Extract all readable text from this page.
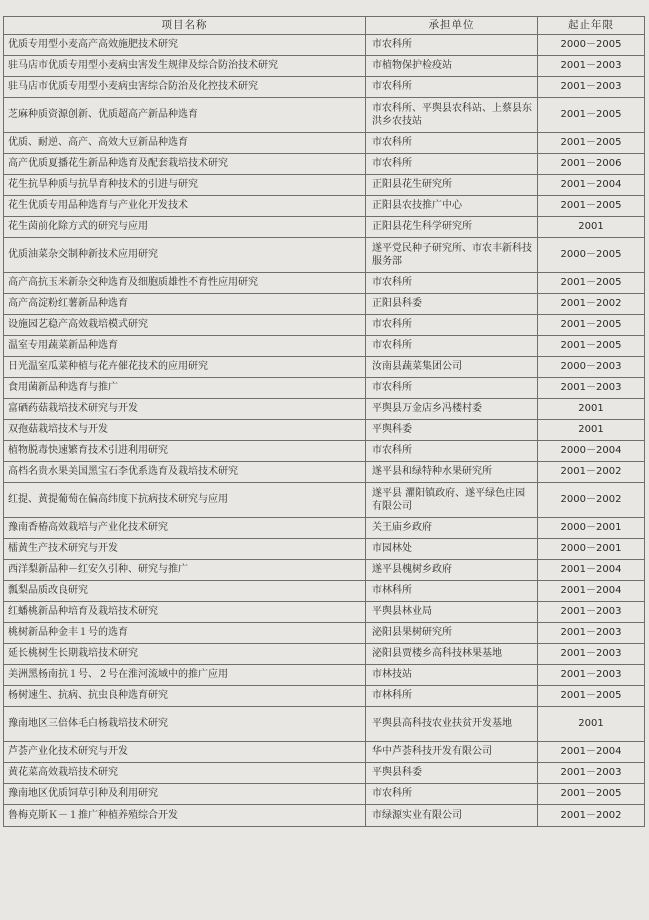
项目名称	承担单位	起止年限
优质专用型小麦高产高效施肥技术研究	市农科所	2000－2005
驻马店市优质专用型小麦病虫害发生规律及综合防治技术研究	市植物保护检疫站	2001－2003
驻马店市优质专用型小麦病虫害综合防治及化控技术研究	市农科所	2001－2003
芝麻种质资源创新、优质超高产新品种选育	市农科所、平舆县农科站、上蔡县东洪乡农技站	2001－2005
优质、耐逆、高产、高效大豆新品种选育	市农科所	2001－2005
高产优质夏播花生新品种选育及配套栽培技术研究	市农科所	2001－2006
花生抗旱种质与抗旱育种技术的引进与研究	正阳县花生研究所	2001－2004
花生优质专用品种选育与产业化开发技术	正阳县农技推广中心	2001－2005
花生茵前化除方式的研究与应用	正阳县花生科学研究所	2001
优质油菜杂交制种新技术应用研究	遂平党民种子研究所、市农丰新科技服务部	2000－2005
高产高抗玉米新杂交种选育及细胞质雄性不育性应用研究	市农科所	2001－2005
高产高淀粉红薯新品种选育	正阳县科委	2001－2002
设施园艺稳产高效栽培模式研究	市农科所	2001－2005
温室专用蔬菜新品种选育	市农科所	2001－2005
日光温室瓜菜种植与花卉催花技术的应用研究	汝南县蔬菜集团公司	2000－2003
食用菌新品种选育与推广	市农科所	2001－2003
富硒药菇栽培技术研究与开发	平舆县万金店乡冯楼村委	2001
双孢菇栽培技术与开发	平舆科委	2001
植物脱毒快速繁育技术引进利用研究	市农科所	2000－2004
高档名贵水果美国黑宝石李优系选育及栽培技术研究	遂平县和绿特种水果研究所	2001－2002
红提、黄提葡萄在偏高纬度下抗病技术研究与应用	遂平县 灈阳镇政府、遂平绿色庄园有限公司	2000－2002
豫南香椿高效栽培与产业化技术研究	关王庙乡政府	2000－2001
檑黄生产技术研究与开发	市园林处	2000－2001
西洋梨新品种－红安久引种、研究与推广	遂平县槐树乡政府	2001－2004
瓢梨品质改良研究	市林科所	2001－2004
红蟠桃新品种培育及栽培技术研究	平舆县林业局	2001－2003
桃树新品种金丰１号的选育	泌阳县果树研究所	2001－2003
延长桃树生长期栽培技术研究	泌阳县贾楼乡高科技林果基地	2001－2003
美洲黑杨南抗１号、２号在淮河流域中的推广应用	市林技站	2001－2003
杨树速生、抗病、抗虫良种选育研究	市林科所	2001－2005
豫南地区三倍体毛白杨栽培技术研究	平舆县高科技农业扶贫开发基地	2001
芦荟产业化技术研究与开发	华中芦荟科技开发有限公司	2001－2004
黄花菜高效栽培技术研究	平舆县科委	2001－2003
豫南地区优质饲草引种及利用研究	市农科所	2001－2005
鲁梅克斯Ｋ－１推广种植养殖综合开发	市绿源实业有限公司	2001－2002
